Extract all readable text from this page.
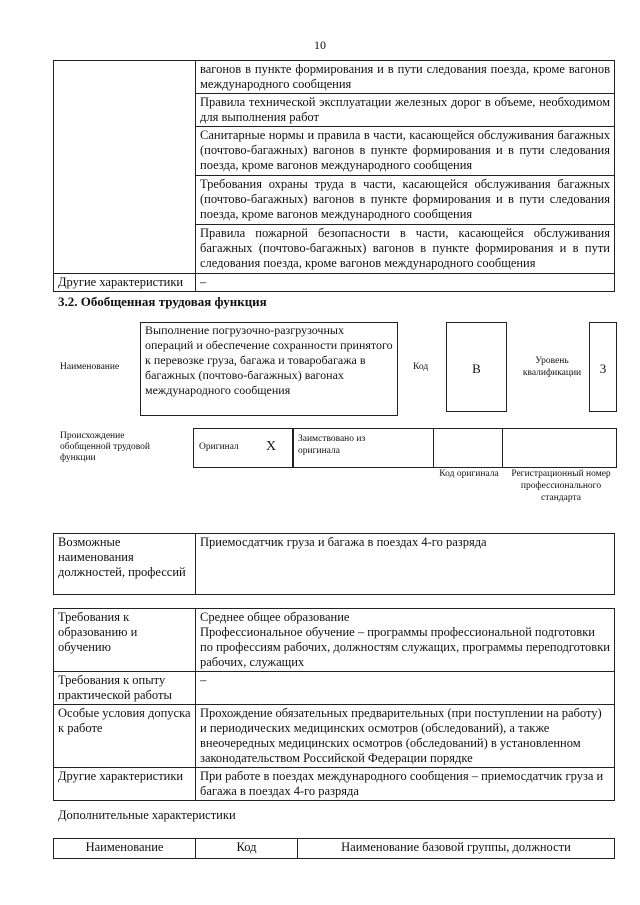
10
	вагонов в пункте формирования и в пути следования поезда, кроме вагонов международного сообщения
	Правила технической эксплуатации железных дорог в объеме, необходимом для выполнения работ
	Санитарные нормы и правила в части, касающейся обслуживания багажных (почтово-багажных) вагонов в пункте формирования и в пути следования поезда, кроме вагонов международного сообщения
	Требования охраны труда в части, касающейся обслуживания багажных (почтово-багажных) вагонов в пункте формирования и в пути следования поезда, кроме вагонов международного сообщения
	Правила пожарной безопасности в части, касающейся обслуживания багажных (почтово-багажных) вагонов в пункте формирования и в пути следования поезда, кроме вагонов международного сообщения
Другие характеристики	–
3.2. Обобщенная трудовая функция
Наименование
Выполнение погрузочно-разгрузочных операций и обеспечение сохранности принятого к перевозке груза, багажа и товаробагажа в багажных (почтово-багажных) вагонах международного сообщения
Код	B	Уровень квалификации	3
Происхождение обобщенной трудовой функции
Оригинал X	Заимствовано из оригинала
Код оригинала	Регистрационный номер профессионального стандарта
Возможные наименования должностей, профессий	Приемосдатчик груза и багажа в поездах 4-го разряда
Требования к образованию и обучению	Среднее общее образование
Профессиональное обучение – программы профессиональной подготовки по профессиям рабочих, должностям служащих, программы переподготовки рабочих, служащих

Требования к опыту практической работы	–
Особые условия допуска к работе	Прохождение обязательных предварительных (при поступлении на работу) и периодических медицинских осмотров (обследований), а также внеочередных медицинских осмотров (обследований) в установленном законодательством Российской Федерации порядке
Другие характеристики	При работе в поездах международного сообщения – приемосдатчик груза и багажа в поездах 4-го разряда
Дополнительные характеристики
Наименование	Код	Наименование базовой группы, должности
